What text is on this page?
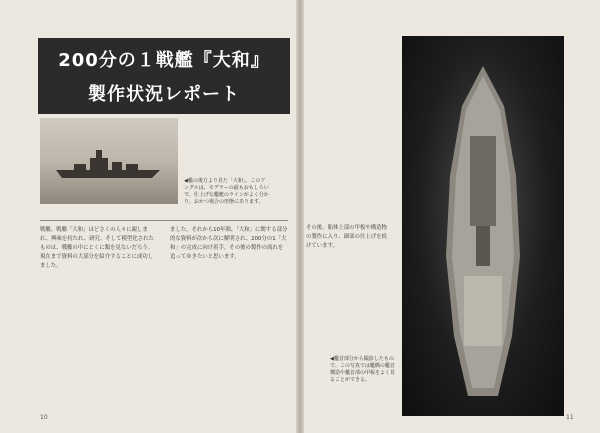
200分の１戦艦『大和』
製作状況レポート
◀艦の後方より見た「大和」。このアングルは、モデラーの最もおもしろいで、仕上げな艦艇のラインがよく分かり、おかつ場合の形態にあります。
戦艦、戦艦「大和」ほどさくの人々に親しまれ、興味を持たれ、研究、そして模型化されたものは、戦艦の中にとくに類を見ないだろう。現在まで資料の大部分を紹介することに成功しました。
ました。それから10年間、「大和」に関する部分的な資料が次から次に解明され、200分の1「大和」の完成に向け着手。その後の製作の流れを追ってゆきたいと思います。
10
その後、船体上部の甲板や構造物の製作に入り、細部の仕上げを続けています。
◀艦首部分から撮影したもので、この写真では艦橋の艦首構造や艦首部の甲板をよく見ることができる。
11
